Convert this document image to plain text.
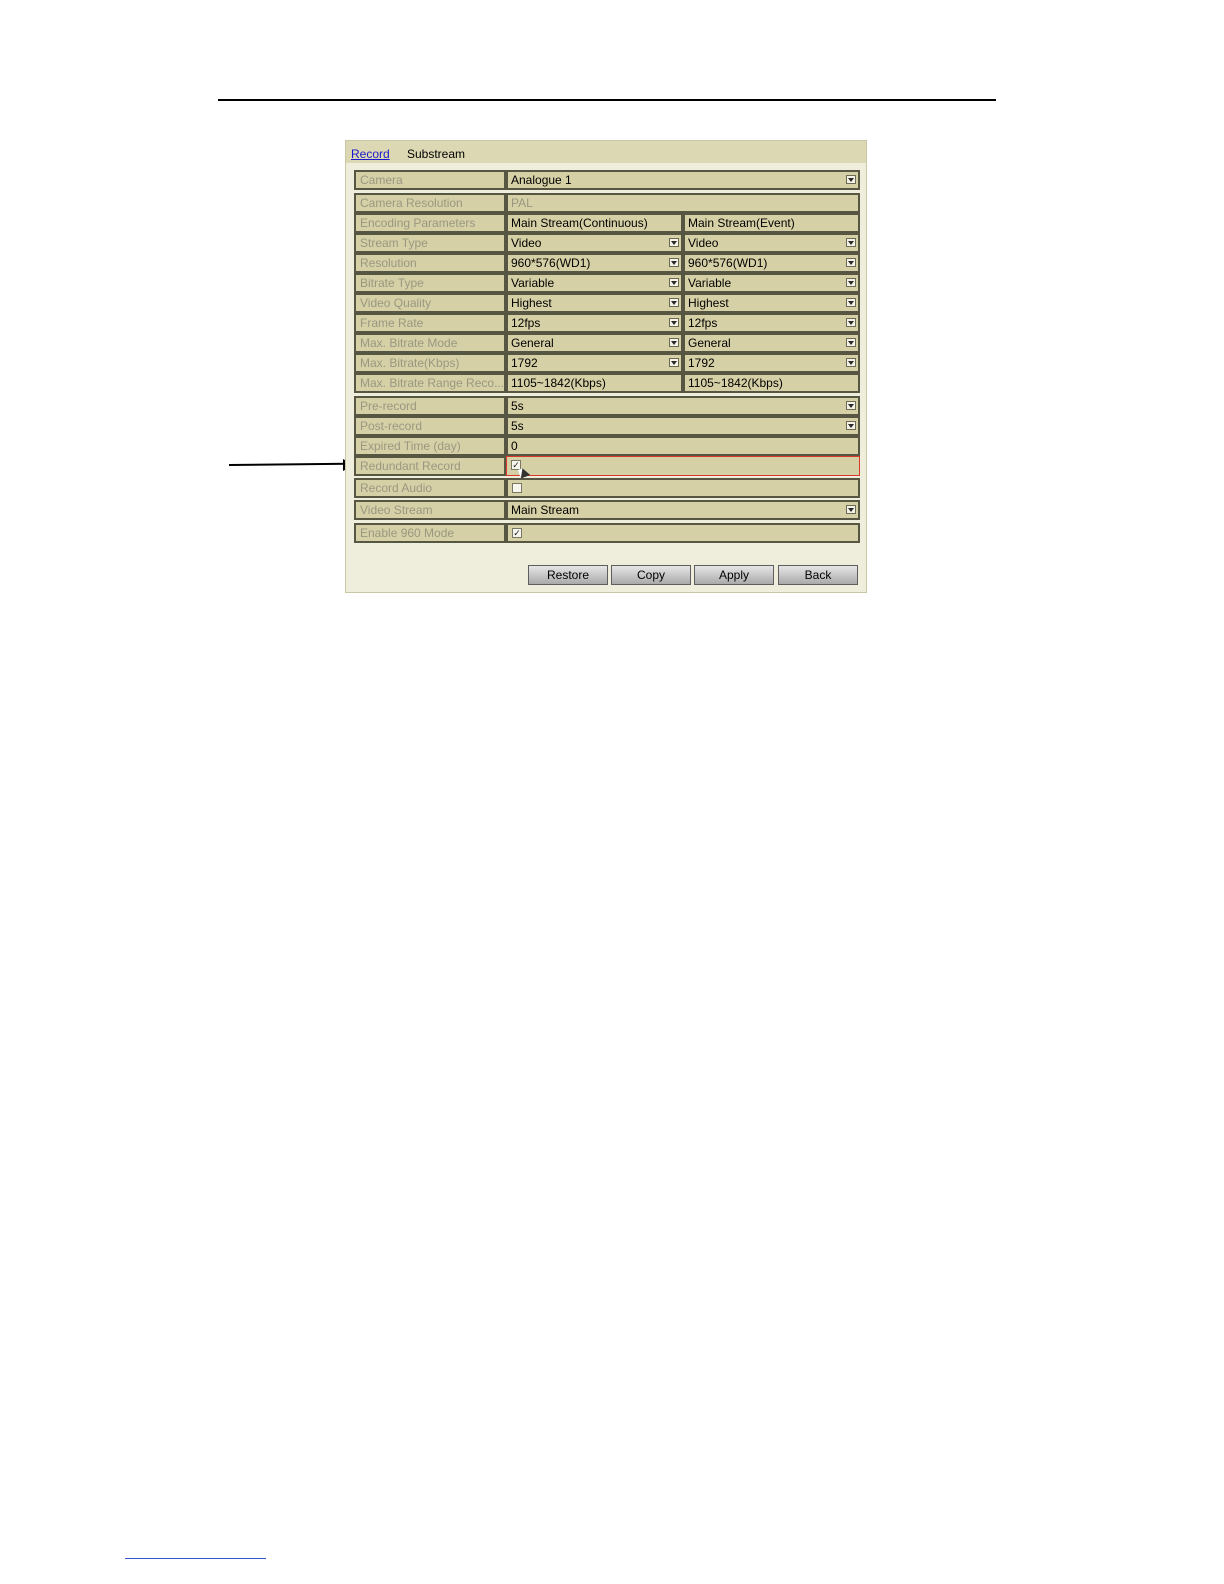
Record Substream
Camera	Analogue 1
Camera Resolution	PAL
Encoding Parameters	Main Stream(Continuous)	Main Stream(Event)
Stream Type	Video	Video
Resolution	960*576(WD1)	960*576(WD1)
Bitrate Type	Variable	Variable
Video Quality	Highest	Highest
Frame Rate	12fps	12fps
Max. Bitrate Mode	General	General
Max. Bitrate(Kbps)	1792	1792
Max. Bitrate Range Reco... 1105~1842(Kbps)	1105~1842(Kbps)
Pre-record	5s
Post-record	5s
Expired Time (day)	0
Redundant Record	✓
Record Audio
Video Stream	Main Stream
Enable 960 Mode	✓
Restore	Copy	Apply	Back
